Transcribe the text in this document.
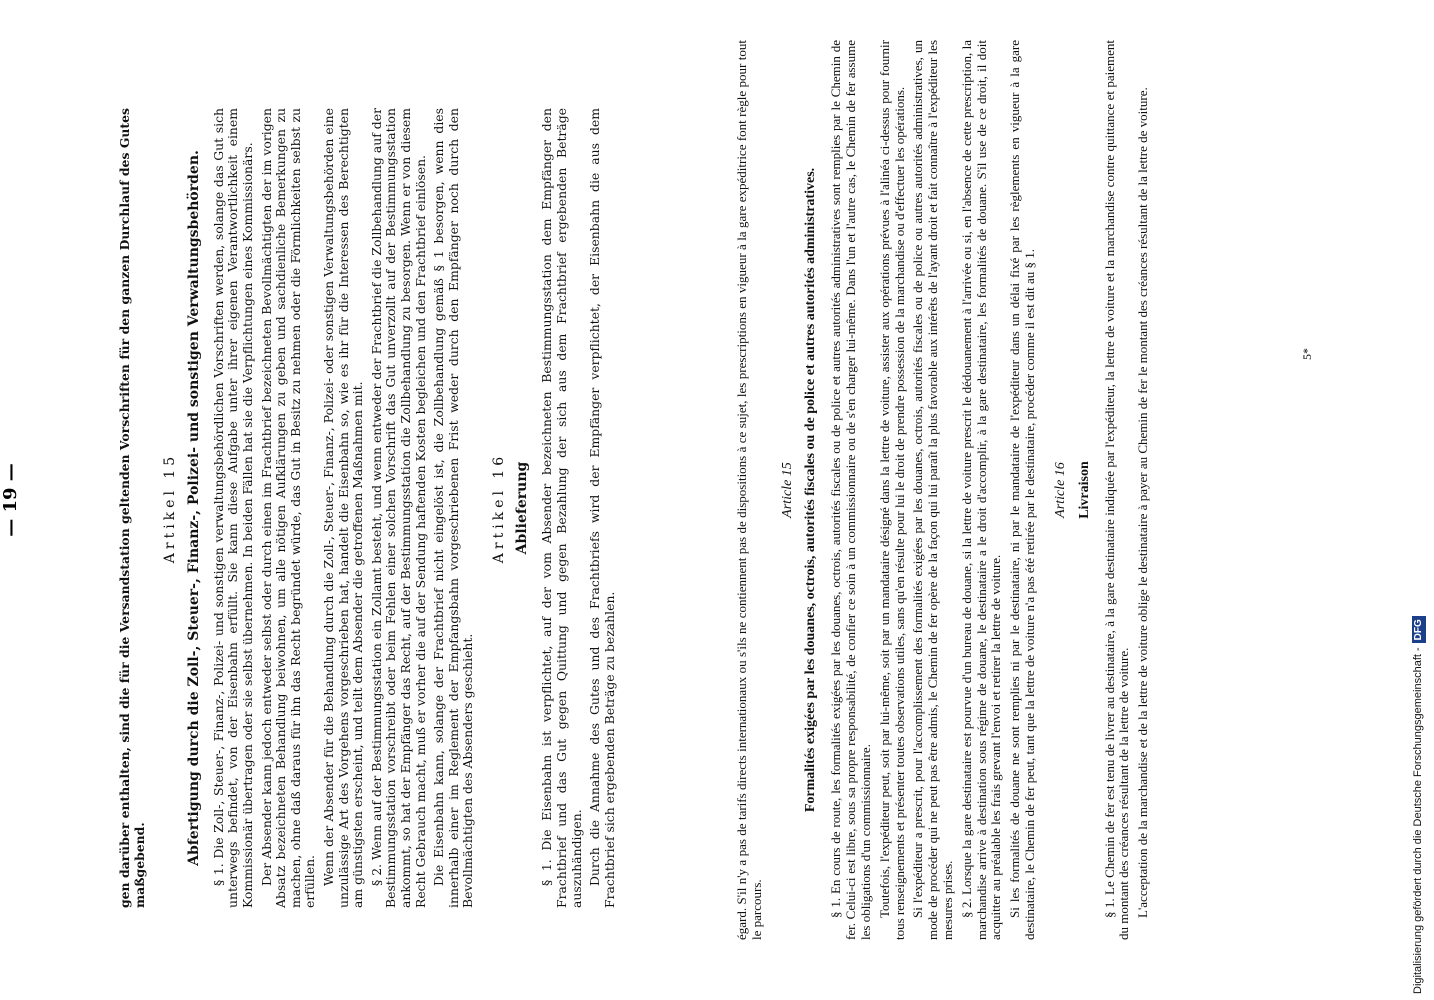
— 19 —	gen darüber enthalten, sind die für die Versandstation geltenden Vorschriften für den ganzen Durchlauf des Gutes maßgebend.

Artikel 15 Abfertigung durch die Zoll-, Steuer-, Finanz-, Polizei- und sonstigen Verwaltungsbehörden. § 1. Die Zoll-, Steuer-, Finanz-, Polizei- und sonstigen verwaltungsbehördlichen Vorschriften werden, solange das Gut sich unterwegs befindet, von der Eisenbahn erfüllt. Sie kann diese Aufgabe unter ihrer eigenen Verantwortlichkeit einem Kommissionär übertragen oder sie selbst übernehmen. In beiden Fällen hat sie die Verpflichtungen eines Kommissionärs. Der Absender kann jedoch entweder selbst oder durch einen im Frachtbrief bezeichneten Bevollmächtigten der im vorigen Absatz bezeichneten Behandlung beiwohnen, um alle nötigen Aufklärungen zu geben und sachdienliche Bemerkungen zu machen, ohne daß daraus für ihn das Recht begründet würde, das Gut in Besitz zu nehmen oder die Förmlichkeiten selbst zu erfüllen. Wenn der Absender für die Behandlung durch die Zoll-, Steuer-, Finanz-, Polizei- oder sonstigen Verwaltungsbehörden eine unzulässige Art des Vorgehens vorgeschrieben hat, handelt die Eisenbahn so, wie es ihr für die Interessen des Berechtigten am günstigsten erscheint, und teilt dem Absender die getroffenen Maßnahmen mit. § 2. Wenn auf der Bestimmungsstation ein Zollamt besteht, und wenn entweder der Frachtbrief die Zollbehandlung auf der Bestimmungsstation vorschreibt oder beim Fehlen einer solchen Vorschrift das Gut unverzollt auf der Bestimmungsstation ankommt, so hat der Empfänger das Recht, auf der Bestimmungsstation die Zollbehandlung zu besorgen. Wenn er von diesem Recht Gebrauch macht, muß er vorher die auf der Sendung haftenden Kosten begleichen und den Frachtbrief einlösen. Die Eisenbahn kann, solange der Frachtbrief nicht eingelöst ist, die Zollbehandlung gemäß § 1 besorgen, wenn dies innerhalb einer im Reglement der Empfangsbahn vorgeschriebenen Frist weder durch den Empfänger noch durch den Bevollmächtigten des Absenders geschieht.

Artikel 16 Ablieferung § 1. Die Eisenbahn ist verpflichtet, auf der vom Absender bezeichneten Bestimmungsstation dem Empfänger den Frachtbrief und das Gut gegen Quittung und gegen Bezahlung der sich aus dem Frachtbrief ergebenden Beträge auszuhändigen. Durch die Annahme des Gutes und des Frachtbriefs wird der Empfänger verpflichtet, der Eisenbahn die aus dem Frachtbrief sich ergebenden Beträge zu bezahlen.	égard. S'il n'y a pas de tarifs directs internationaux ou s'ils ne contiennent pas de dispositions à ce sujet, les prescriptions en vigueur à la gare expéditrice font règle pour tout le parcours.

Article 15 Formalités exigées par les douanes, octrois, autorités fiscales ou de police et autres autorités administratives. § 1. En cours de route, les formalités exigées par les douanes, octrois, autorités fiscales ou de police et autres autorités administratives sont remplies par le Chemin de fer. Celui-ci est libre, sous sa propre responsabilité, de confier ce soin à un commissionnaire ou de s'en charger lui-même. Dans l'un et l'autre cas, le Chemin de fer assume les obligations d'un commissionnaire. Toutefois, l'expéditeur peut, soit par lui-même, soit par un mandataire désigné dans la lettre de voiture, assister aux opérations prévues à l'alinéa ci-dessus pour fournir tous renseignements et présenter toutes observations utiles, sans qu'en résulte pour lui le droit de prendre possession de la marchandise ou d'effectuer les opérations. Si l'expéditeur a prescrit, pour l'accomplissement des formalités exigées par les douanes, octrois, autorités fiscales ou de police ou autres autorités administratives, un mode de procéder qui ne peut pas être admis, le Chemin de fer opère de la façon qui lui paraît la plus favorable aux intérêts de l'ayant droit et fait connaître à l'expéditeur les mesures prises. § 2. Lorsque la gare destinataire est pourvue d'un bureau de douane, si la lettre de voiture prescrit le dédouanement à l'arrivée ou si, en l'absence de cette prescription, la marchandise arrive à destination sous régime de douane, le destinataire a le droit d'accomplir, à la gare destinataire, les formalités de douane. S'il use de ce droit, il doit acquitter au préalable les frais grevant l'envoi et retirer la lettre de voiture. Si les formalités de douane ne sont remplies ni par le destinataire, ni par le mandataire de l'expéditeur dans un délai fixé par les règlements en vigueur à la gare destinataire, le Chemin de fer peut, tant que la lettre de voiture n'a pas été retirée par le destinataire, procéder comme il est dit au § 1. Article 16 Livraison § 1. Le Chemin de fer est tenu de livrer au destinataire, à la gare destinataire indiquée par l'expéditeur, la lettre de voiture et la marchandise contre quittance et paiement du montant des créances résultant de la lettre de voiture. L'acceptation de la marchandise et de la lettre de voiture oblige le destinataire à payer au Chemin de fer le montant des créances résultant de la lettre de voiture.	5*
Digitalisierung gefördert durch die Deutsche Forschungsgemeinschaft -DFG
